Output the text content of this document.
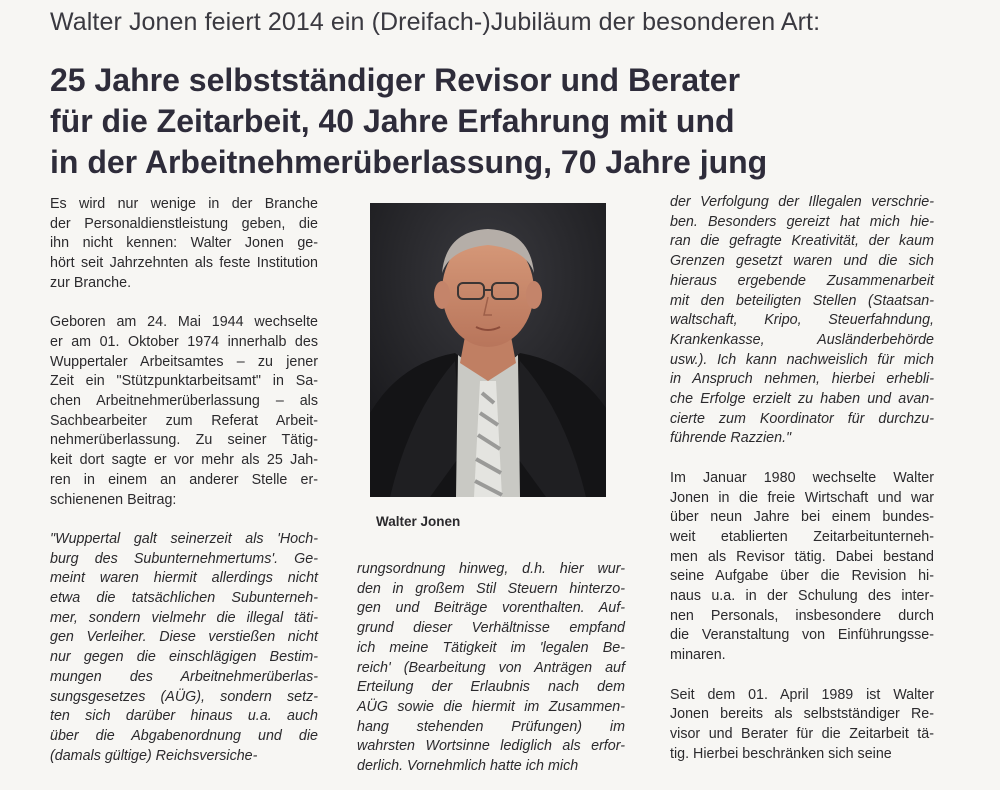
Walter Jonen feiert 2014 ein (Dreifach-)Jubiläum der besonderen Art:
25 Jahre selbstständiger Revisor und Berater
für die Zeitarbeit, 40 Jahre Erfahrung mit und
in der Arbeitnehmerüberlassung, 70 Jahre jung

Es wird nur wenige in der Branche
der Personaldienstleistung geben, die
ihn nicht kennen: Walter Jonen ge-
hört seit Jahrzehnten als feste Institution
zur Branche.

Geboren am 24. Mai 1944 wechselte
er am 01. Oktober 1974 innerhalb des
Wuppertaler Arbeitsamtes – zu jener
Zeit ein "Stützpunktarbeitsamt" in Sa-
chen Arbeitnehmerüberlassung – als
Sachbearbeiter zum Referat Arbeit-
nehmerüberlassung. Zu seiner Tätig-
keit dort sagte er vor mehr als 25 Jah-
ren in einem an anderer Stelle er-
schienenen Beitrag:

"Wuppertal galt seinerzeit als 'Hoch-
burg des Subunternehmertums'. Ge-
meint waren hiermit allerdings nicht
etwa die tatsächlichen Subunterneh-
mer, sondern vielmehr die illegal täti-
gen Verleiher. Diese verstießen nicht
nur gegen die einschlägigen Bestim-
mungen des Arbeitnehmerüberlas-
sungsgesetzes (AÜG), sondern setz-
ten sich darüber hinaus u.a. auch
über die Abgabenordnung und die
(damals gültige) Reichsversiche-

Walter Jonen

rungsordnung hinweg, d.h. hier wur-
den in großem Stil Steuern hinterzo-
gen und Beiträge vorenthalten. Auf-
grund dieser Verhältnisse empfand
ich meine Tätigkeit im 'legalen Be-
reich' (Bearbeitung von Anträgen auf
Erteilung der Erlaubnis nach dem
AÜG sowie die hiermit im Zusammen-
hang stehenden Prüfungen) im
wahrsten Wortsinne lediglich als erfor-
derlich. Vornehmlich hatte ich mich

der Verfolgung der Illegalen verschrie-
ben. Besonders gereizt hat mich hie-
ran die gefragte Kreativität, der kaum
Grenzen gesetzt waren und die sich
hieraus ergebende Zusammenarbeit
mit den beteiligten Stellen (Staatsan-
waltschaft, Kripo, Steuerfahndung,
Krankenkasse, Ausländerbehörde
usw.). Ich kann nachweislich für mich
in Anspruch nehmen, hierbei erhebli-
che Erfolge erzielt zu haben und avan-
cierte zum Koordinator für durchzu-
führende Razzien."

Im Januar 1980 wechselte Walter
Jonen in die freie Wirtschaft und war
über neun Jahre bei einem bundes-
weit etablierten Zeitarbeitunterneh-
men als Revisor tätig. Dabei bestand
seine Aufgabe über die Revision hi-
naus u.a. in der Schulung des inter-
nen Personals, insbesondere durch
die Veranstaltung von Einführungsse-
minaren.

Seit dem 01. April 1989 ist Walter
Jonen bereits als selbstständiger Re-
visor und Berater für die Zeitarbeit tä-
tig. Hierbei beschränken sich seine
